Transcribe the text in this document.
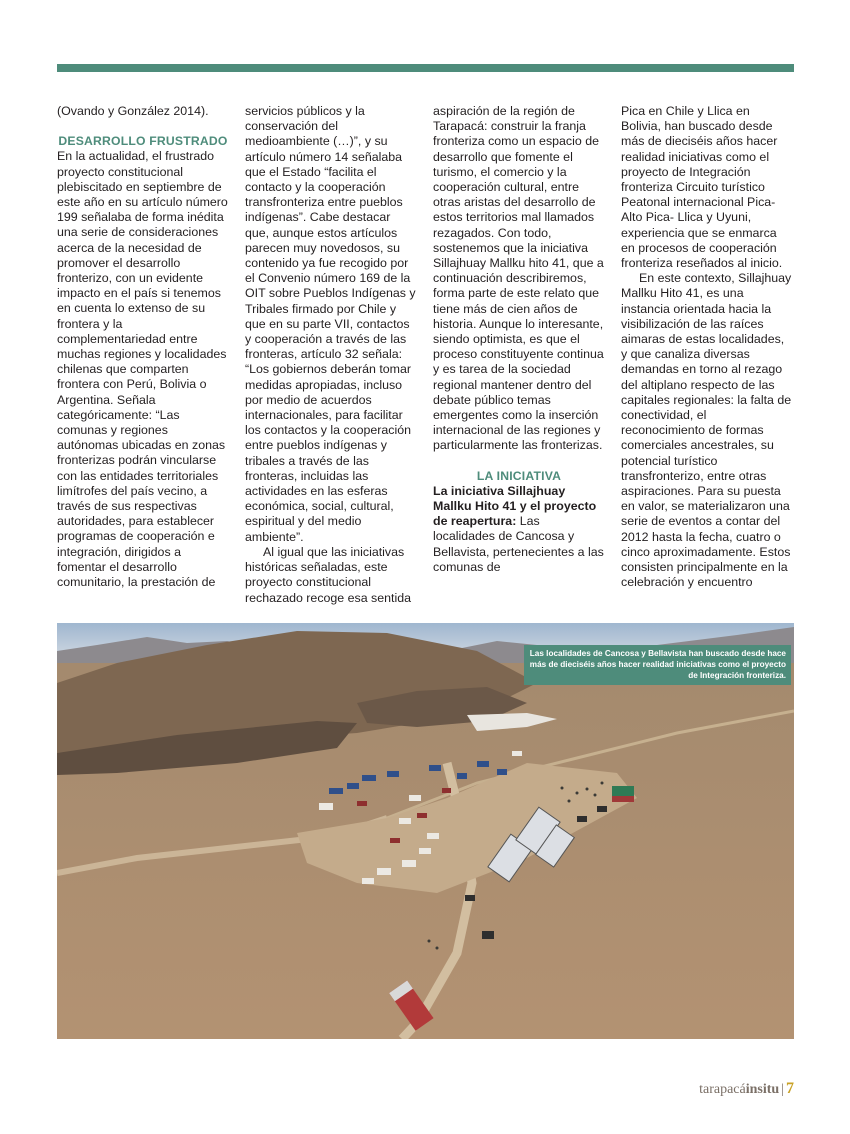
(Ovando y González 2014).

DESARROLLO FRUSTRADO

En la actualidad, el frustrado proyecto constitucional plebiscitado en septiembre de este año en su artículo número 199 señalaba de forma inédita una serie de consideraciones acerca de la necesidad de promover el desarrollo fronterizo, con un evidente impacto en el país si tenemos en cuenta lo extenso de su frontera y la complementariedad entre muchas regiones y localidades chilenas que comparten frontera con Perú, Bolivia o Argentina. Señala categóricamente: “Las comunas y regiones autónomas ubicadas en zonas fronterizas podrán vincularse con las entidades territoriales limítrofes del país vecino, a través de sus respectivas autoridades, para establecer programas de cooperación e integración, dirigidos a fomentar el desarrollo comunitario, la prestación de

servicios públicos y la conservación del medioambiente (…)”, y su artículo número 14 señalaba que el Estado “facilita el contacto y la cooperación transfronteriza entre pueblos indígenas”. Cabe destacar que, aunque estos artículos parecen muy novedosos, su contenido ya fue recogido por el Convenio número 169 de la OIT sobre Pueblos Indígenas y Tribales firmado por Chile y que en su parte VII, contactos y cooperación a través de las fronteras, artículo 32 señala: “Los gobiernos deberán tomar medidas apropiadas, incluso por medio de acuerdos internacionales, para facilitar los contactos y la cooperación entre pueblos indígenas y tribales a través de las fronteras, incluidas las actividades en las esferas económica, social, cultural, espiritual y del medio ambiente”.

Al igual que las iniciativas históricas señaladas, este proyecto constitucional rechazado recoge esa sentida

aspiración de la región de Tarapacá: construir la franja fronteriza como un espacio de desarrollo que fomente el turismo, el comercio y la cooperación cultural, entre otras aristas del desarrollo de estos territorios mal llamados rezagados. Con todo, sostenemos que la iniciativa Sillajhuay Mallku hito 41, que a continuación describiremos, forma parte de este relato que tiene más de cien años de historia. Aunque lo interesante, siendo optimista, es que el proceso constituyente continua y es tarea de la sociedad regional mantener dentro del debate público temas emergentes como la inserción internacional de las regiones y particularmente las fronterizas.

LA INICIATIVA

La iniciativa Sillajhuay Mallku Hito 41 y el proyecto de reapertura: Las localidades de Cancosa y Bellavista, pertenecientes a las comunas de

Pica en Chile y Llica en Bolivia, han buscado desde más de dieciséis años hacer realidad iniciativas como el proyecto de Integración fronteriza Circuito turístico Peatonal internacional Pica- Alto Pica- Llica y Uyuni, experiencia que se enmarca en procesos de cooperación fronteriza reseñados al inicio.

En este contexto, Sillajhuay Mallku Hito 41, es una instancia orientada hacia la visibilización de las raíces aimaras de estas localidades, y que canaliza diversas demandas en torno al rezago del altiplano respecto de las capitales regionales: la falta de conectividad, el reconocimiento de formas comerciales ancestrales, su potencial turístico transfronterizo, entre otras aspiraciones. Para su puesta en valor, se materializaron una serie de eventos a contar del 2012 hasta la fecha, cuatro o cinco aproximadamente. Estos consisten principalmente en la celebración y encuentro

Las localidades de Cancosa y Bellavista han buscado desde hace más de dieciséis años hacer realidad iniciativas como el proyecto de Integración fronteriza.
tarapacáinsitu | 7
